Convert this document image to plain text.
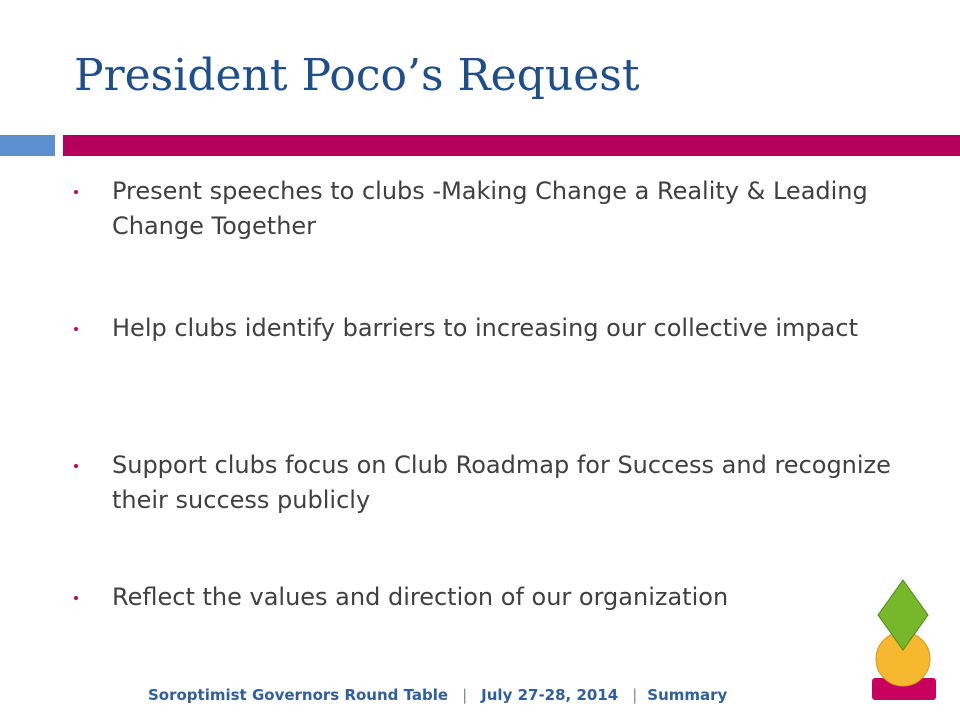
President Poco’s Request
Present speeches to clubs -Making Change a Reality & Leading Change Together
Help clubs identify barriers to increasing our collective impact
Support clubs focus on Club Roadmap for Success and recognize their success publicly
Reflect the values and direction of our organization
Soroptimist Governors Round Table | July 27-28, 2014 | Summary
